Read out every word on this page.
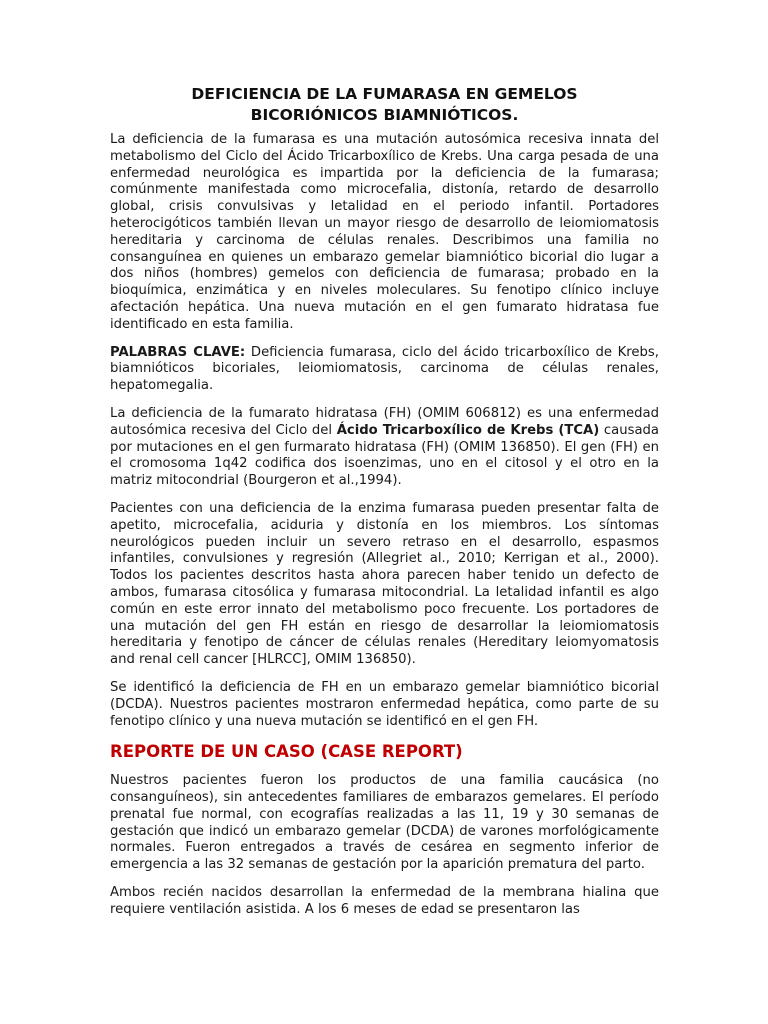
DEFICIENCIA DE LA FUMARASA EN GEMELOS
BICORIÓNICOS BIAMNIÓTICOS.

La deficiencia de la fumarasa es una mutación autosómica recesiva innata del metabolismo del Ciclo del Ácido Tricarboxílico de Krebs. Una carga pesada de una enfermedad neurológica es impartida por la deficiencia de la fumarasa; comúnmente manifestada como microcefalia, distonía, retardo de desarrollo global, crisis convulsivas y letalidad en el periodo infantil. Portadores heterocigóticos también llevan un mayor riesgo de desarrollo de leiomiomatosis hereditaria y carcinoma de células renales. Describimos una familia no consanguínea en quienes un embarazo gemelar biamniótico bicorial dio lugar a dos niños (hombres) gemelos con deficiencia de fumarasa; probado en la bioquímica, enzimática y en niveles moleculares. Su fenotipo clínico incluye afectación hepática. Una nueva mutación en el gen fumarato hidratasa fue identificado en esta familia.

PALABRAS CLAVE: Deficiencia fumarasa, ciclo del ácido tricarboxílico de Krebs, biamnióticos bicoriales, leiomiomatosis, carcinoma de células renales, hepatomegalia.

La deficiencia de la fumarato hidratasa (FH) (OMIM 606812) es una enfermedad autosómica recesiva del Ciclo del Ácido Tricarboxílico de Krebs (TCA) causada por mutaciones en el gen furmarato hidratasa (FH) (OMIM 136850). El gen (FH) en el cromosoma 1q42 codifica dos isoenzimas, uno en el citosol y el otro en la matriz mitocondrial (Bourgeron et al.,1994).

Pacientes con una deficiencia de la enzima fumarasa pueden presentar falta de apetito, microcefalia, aciduria y distonía en los miembros. Los síntomas neurológicos pueden incluir un severo retraso en el desarrollo, espasmos infantiles, convulsiones y regresión (Allegriet al., 2010; Kerrigan et al., 2000). Todos los pacientes descritos hasta ahora parecen haber tenido un defecto de ambos, fumarasa citosólica y fumarasa mitocondrial. La letalidad infantil es algo común en este error innato del metabolismo poco frecuente. Los portadores de una mutación del gen FH están en riesgo de desarrollar la leiomiomatosis hereditaria y fenotipo de cáncer de células renales (Hereditary leiomyomatosis and renal cell cancer [HLRCC], OMIM 136850).

Se identificó la deficiencia de FH en un embarazo gemelar biamniótico bicorial (DCDA). Nuestros pacientes mostraron enfermedad hepática, como parte de su fenotipo clínico y una nueva mutación se identificó en el gen FH.

REPORTE DE UN CASO (CASE REPORT)

Nuestros pacientes fueron los productos de una familia caucásica (no consanguíneos), sin antecedentes familiares de embarazos gemelares. El período prenatal fue normal, con ecografías realizadas a las 11, 19 y 30 semanas de gestación que indicó un embarazo gemelar (DCDA) de varones morfológicamente normales. Fueron entregados a través de cesárea en segmento inferior de emergencia a las 32 semanas de gestación por la aparición prematura del parto.

Ambos recién nacidos desarrollan la enfermedad de la membrana hialina que requiere ventilación asistida. A los 6 meses de edad se presentaron las
